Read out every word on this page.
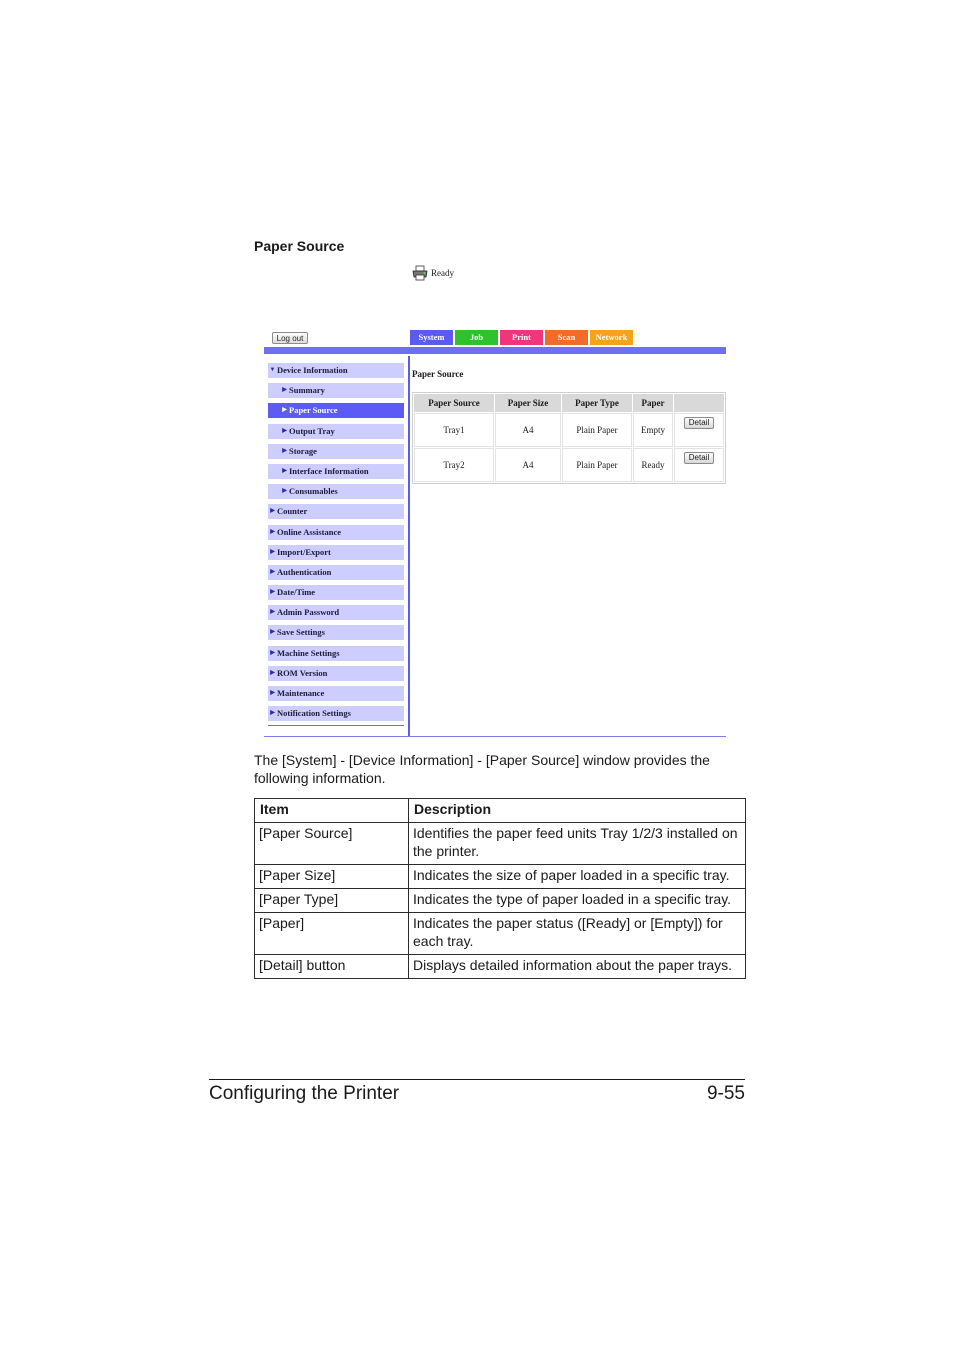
Paper Source
Ready
Log out	System	Job	Print	Scan	Network
▼ Device Information
▶ Summary
▶ Paper Source
▶ Output Tray
▶ Storage
▶ Interface Information
▶ Consumables
▶ Counter
▶ Online Assistance
▶ Import/Export
▶ Authentication
▶ Date/Time
▶ Admin Password
▶ Save Settings
▶ Machine Settings
▶ ROM Version
▶ Maintenance
▶ Notification Settings
Paper Source
Paper Source	Paper Size	Paper Type	Paper	
Tray1	A4	Plain Paper	Empty	Detail
Tray2	A4	Plain Paper	Ready	Detail
The [System] - [Device Information] - [Paper Source] window provides the following information.
Item	Description
[Paper Source]	Identifies the paper feed units Tray 1/2/3 installed on the printer.
[Paper Size]	Indicates the size of paper loaded in a specific tray.
[Paper Type]	Indicates the type of paper loaded in a specific tray.
[Paper]	Indicates the paper status ([Ready] or [Empty]) for each tray.
[Detail] button	Displays detailed information about the paper trays.
Configuring the Printer	9-55
